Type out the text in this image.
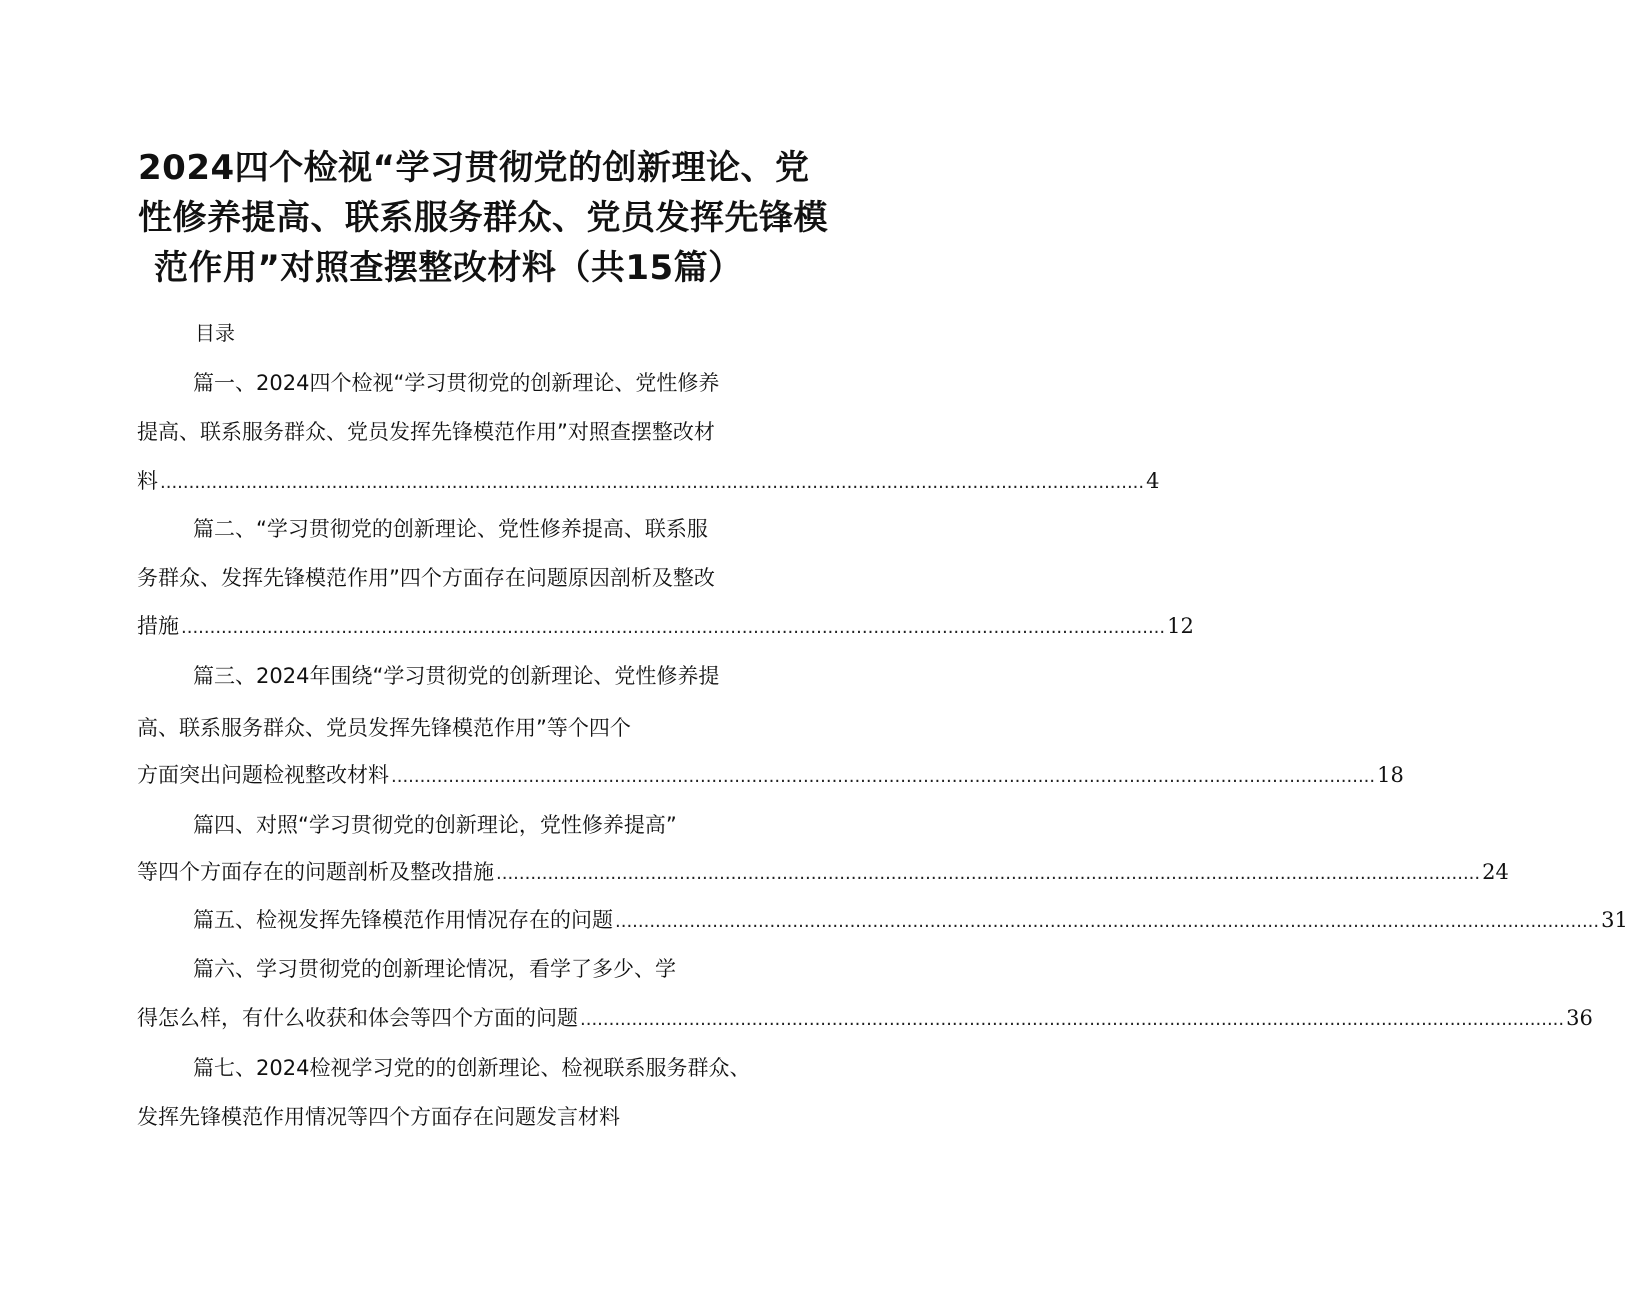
2024四个检视“学习贯彻党的创新理论、党
性修养提高、联系服务群众、党员发挥先锋模
范作用”对照查摆整改材料（共15篇）
目录
篇一、2024四个检视“学习贯彻党的创新理论、党性修养
提高、联系服务群众、党员发挥先锋模范作用”对照查摆整改材
料 ............................................................................................................................................................................ 4
篇二、“学习贯彻党的创新理论、党性修养提高、联系服
务群众、发挥先锋模范作用”四个方面存在问题原因剖析及整改
措施 ............................................................................................................................................................................ 12
篇三、2024年围绕“学习贯彻党的创新理论、党性修养提
高、联系服务群众、党员发挥先锋模范作用”等个四个
方面突出问题检视整改材料 ............................................................................................................................................................................ 18
篇四、对照“学习贯彻党的创新理论，党性修养提高”
等四个方面存在的问题剖析及整改措施 ............................................................................................................................................................................ 24
篇五、检视发挥先锋模范作用情况存在的问题 ............................................................................................................................................................................ 31
篇六、学习贯彻党的创新理论情况，看学了多少、学
得怎么样，有什么收获和体会等四个方面的问题 ............................................................................................................................................................................ 36
篇七、2024检视学习党的的创新理论、检视联系服务群众、
发挥先锋模范作用情况等四个方面存在问题发言材料
